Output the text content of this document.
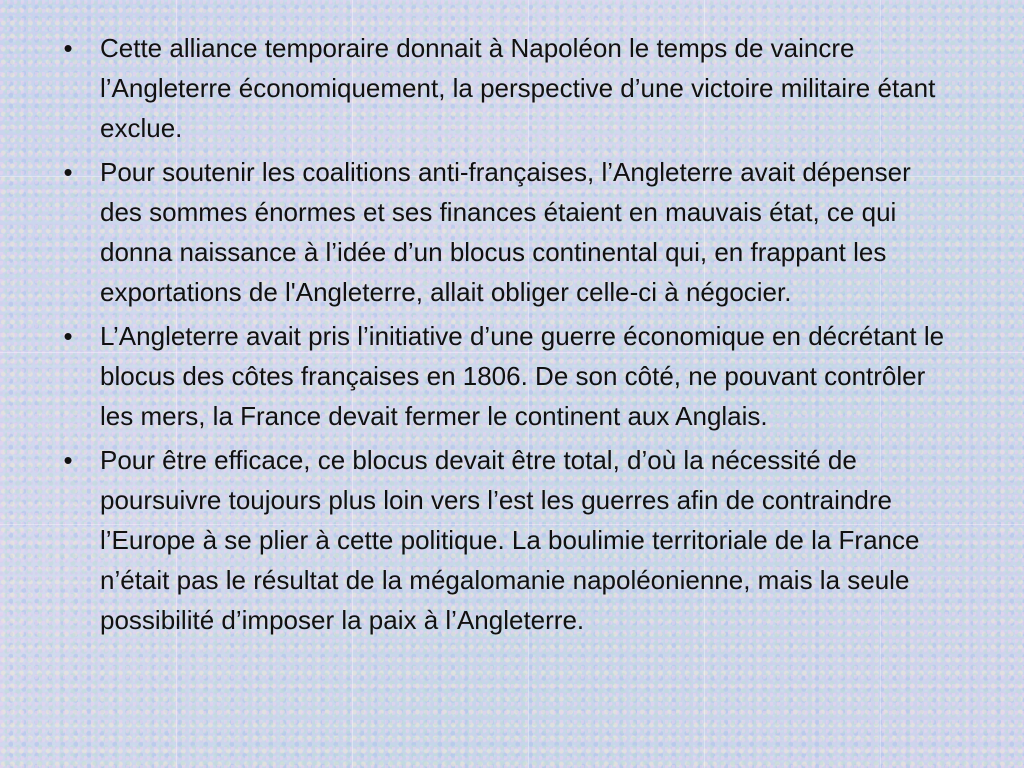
• Cette alliance temporaire donnait à Napoléon le temps de vaincre l’Angleterre économiquement, la perspective d’une victoire militaire étant exclue.
• Pour soutenir les coalitions anti-françaises, l’Angleterre avait dépenser des sommes énormes et ses finances étaient en mauvais état, ce qui donna naissance à l’idée d’un blocus continental qui, en frappant les exportations de l'Angleterre, allait obliger celle-ci à négocier.
• L’Angleterre avait pris l’initiative d’une guerre économique en décrétant le blocus des côtes françaises en 1806. De son côté, ne pouvant contrôler les mers, la France devait fermer le continent aux Anglais.
• Pour être efficace, ce blocus devait être total, d’où la nécessité de poursuivre toujours plus loin vers l’est les guerres afin de contraindre l’Europe à se plier à cette politique. La boulimie territoriale de la France n’était pas le résultat de la mégalomanie napoléonienne, mais la seule possibilité d’imposer la paix à l’Angleterre.
